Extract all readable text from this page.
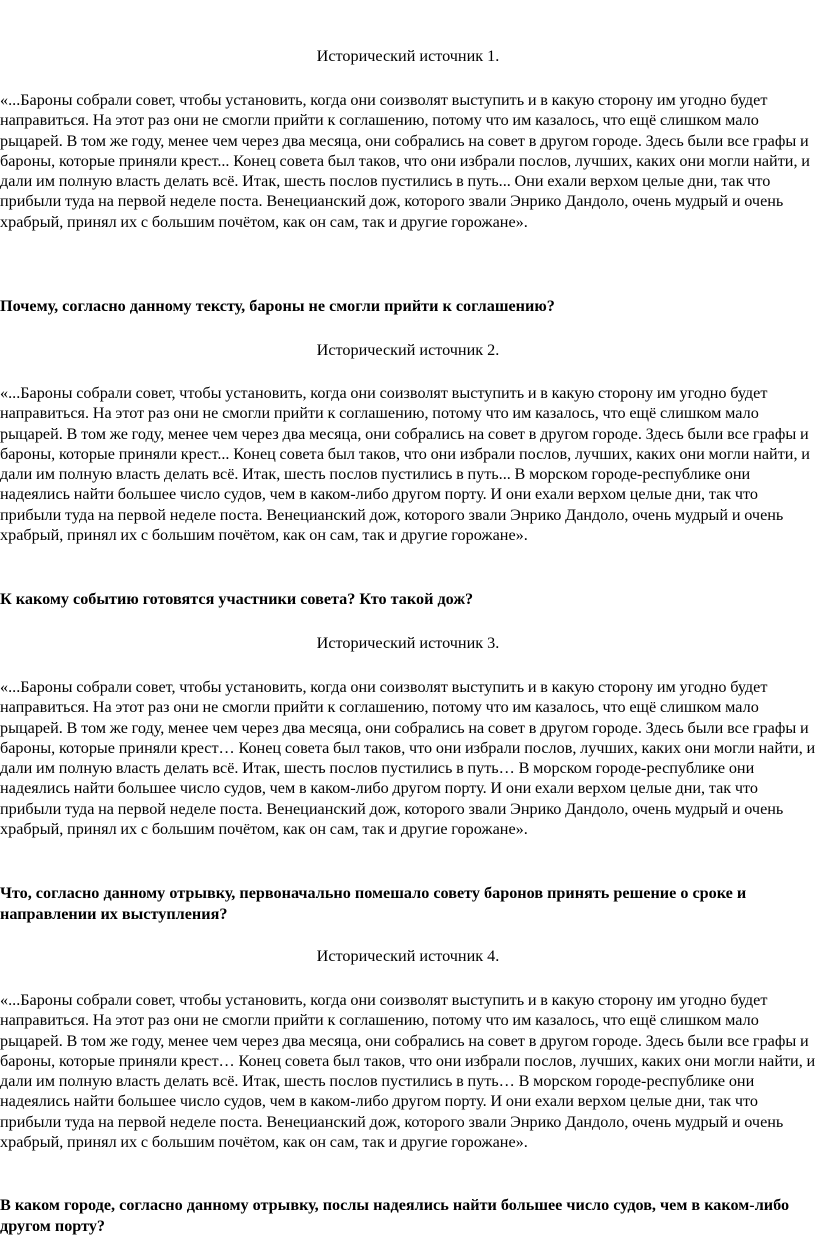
Исторический источник 1.

«...Бароны собрали совет, чтобы установить, когда они соизволят выступить и в какую сторону им угодно будет направиться. На этот раз они не смогли прийти к соглашению, потому что им казалось, что ещё слишком мало рыцарей. В том же году, менее чем через два месяца, они собрались на совет в другом городе. Здесь были все графы и бароны, которые приняли крест... Конец совета был таков, что они избрали послов, лучших, каких они могли найти, и дали им полную власть делать всё. Итак, шесть послов пустились в путь... Они ехали верхом целые дни, так что прибыли туда на первой неделе поста. Венецианский дож, которого звали Энрико Дандоло, очень мудрый и очень храбрый, принял их с большим почётом, как он сам, так и другие горожане».

Почему, согласно данному тексту, бароны не смогли прийти к соглашению?

Исторический источник 2.

«...Бароны собрали совет, чтобы установить, когда они соизволят выступить и в какую сторону им угодно будет направиться. На этот раз они не смогли прийти к соглашению, потому что им казалось, что ещё слишком мало рыцарей. В том же году, менее чем через два месяца, они собрались на совет в другом городе. Здесь были все графы и бароны, которые приняли крест... Конец совета был таков, что они избрали послов, лучших, каких они могли найти, и дали им полную власть делать всё. Итак, шесть послов пустились в путь... В морском городе-республике они надеялись найти большее число судов, чем в каком-либо другом порту. И они ехали верхом целые дни, так что прибыли туда на первой неделе поста. Венецианский дож, которого звали Энрико Дандоло, очень мудрый и очень храбрый, принял их с большим почётом, как он сам, так и другие горожане».

К какому событию готовятся участники совета? Кто такой дож?

Исторический источник 3.

«...Бароны собрали совет, чтобы установить, когда они соизволят выступить и в какую сторону им угодно будет направиться. На этот раз они не смогли прийти к соглашению, потому что им казалось, что ещё слишком мало рыцарей. В том же году, менее чем через два месяца, они собрались на совет в другом городе. Здесь были все графы и бароны, которые приняли крест… Конец совета был таков, что они избрали послов, лучших, каких они могли найти, и дали им полную власть делать всё. Итак, шесть послов пустились в путь… В морском городе-республике они надеялись найти большее число судов, чем в каком-либо другом порту. И они ехали верхом целые дни, так что прибыли туда на первой неделе поста. Венецианский дож, которого звали Энрико Дандоло, очень мудрый и очень храбрый, принял их с большим почётом, как он сам, так и другие горожане».

Что, согласно данному отрывку, первоначально помешало совету баронов принять решение о сроке и направлении их выступления?

Исторический источник 4.

«...Бароны собрали совет, чтобы установить, когда они соизволят выступить и в какую сторону им угодно будет направиться. На этот раз они не смогли прийти к соглашению, потому что им казалось, что ещё слишком мало рыцарей. В том же году, менее чем через два месяца, они собрались на совет в другом городе. Здесь были все графы и бароны, которые приняли крест… Конец совета был таков, что они избрали послов, лучших, каких они могли найти, и дали им полную власть делать всё. Итак, шесть послов пустились в путь… В морском городе-республике они надеялись найти большее число судов, чем в каком-либо другом порту. И они ехали верхом целые дни, так что прибыли туда на первой неделе поста. Венецианский дож, которого звали Энрико Дандоло, очень мудрый и очень храбрый, принял их с большим почётом, как он сам, так и другие горожане».

В каком городе, согласно данному отрывку, послы надеялись найти большее число судов, чем в каком-либо другом порту?
